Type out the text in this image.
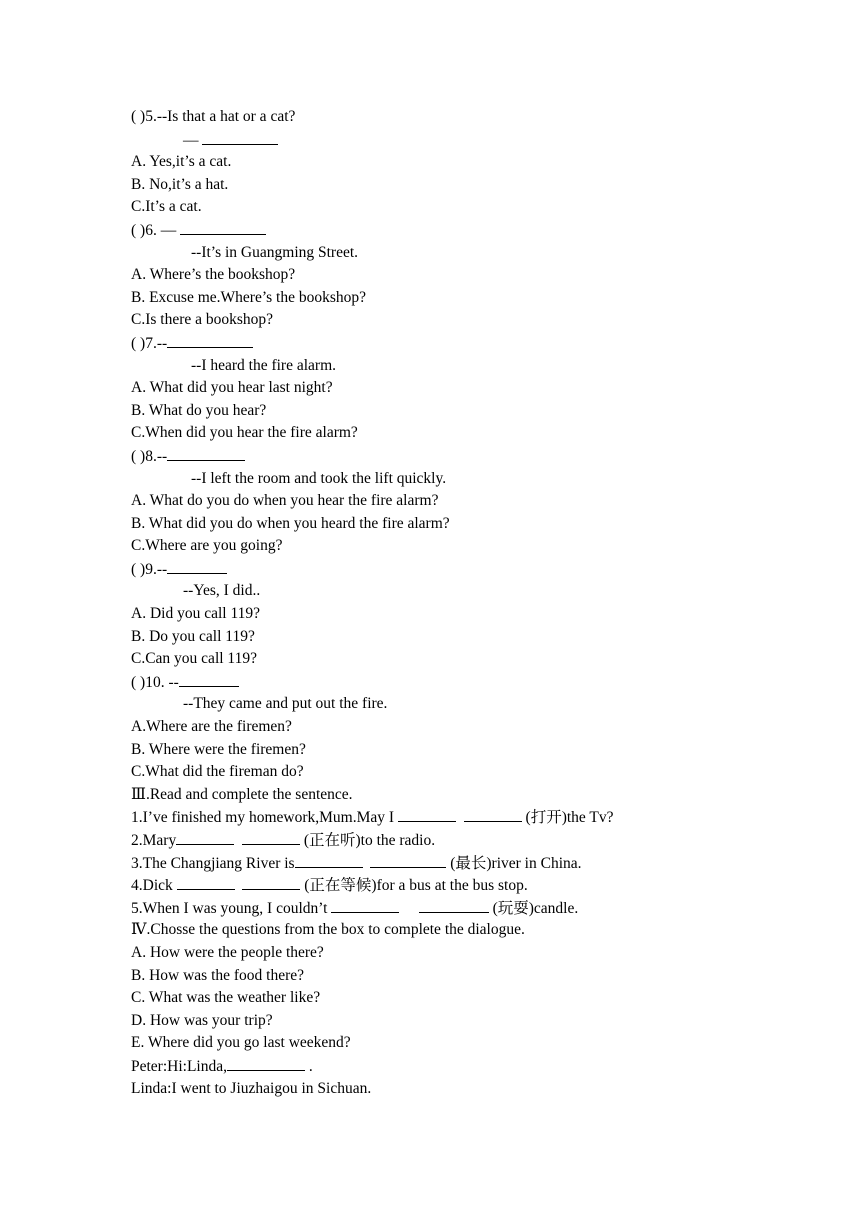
( )5.--Is that a hat or a cat?
—
A. Yes,it’s a cat.
B. No,it’s a hat.
C.It’s a cat.
( )6. —
--It’s in Guangming Street.
A. Where’s the bookshop?
B. Excuse me.Where’s the bookshop?
C.Is there a bookshop?
( )7.--
--I heard the fire alarm.
A. What did you hear last night?
B. What do you hear?
C.When did you hear the fire alarm?
( )8.--
--I left the room and took the lift quickly.
A. What do you do when you hear the fire alarm?
B. What did you do when you heard the fire alarm?
C.Where are you going?
( )9.--
--Yes, I did..
A. Did you call 119?
B. Do you call 119?
C.Can you call 119?
( )10. --
--They came and put out the fire.
A.Where are the firemen?
B. Where were the firemen?
C.What did the fireman do?
Ⅲ.Read and complete the sentence.
1.I’ve finished my homework,Mum.May I	(打开)the Tv?
2.Mary	(正在听)to the radio.
3.The Changjiang River is	(最长)river in China.
4.Dick	(正在等候)for a bus at the bus stop.
5.When I was young, I couldn’t	(玩耍)candle.
Ⅳ.Chosse the questions from the box to complete the dialogue.
A. How were the people there?
B. How was the food there?
C. What was the weather like?
D. How was your trip?
E. Where did you go last weekend?
Peter:Hi:Linda,	.
Linda:I went to Jiuzhaigou in Sichuan.
